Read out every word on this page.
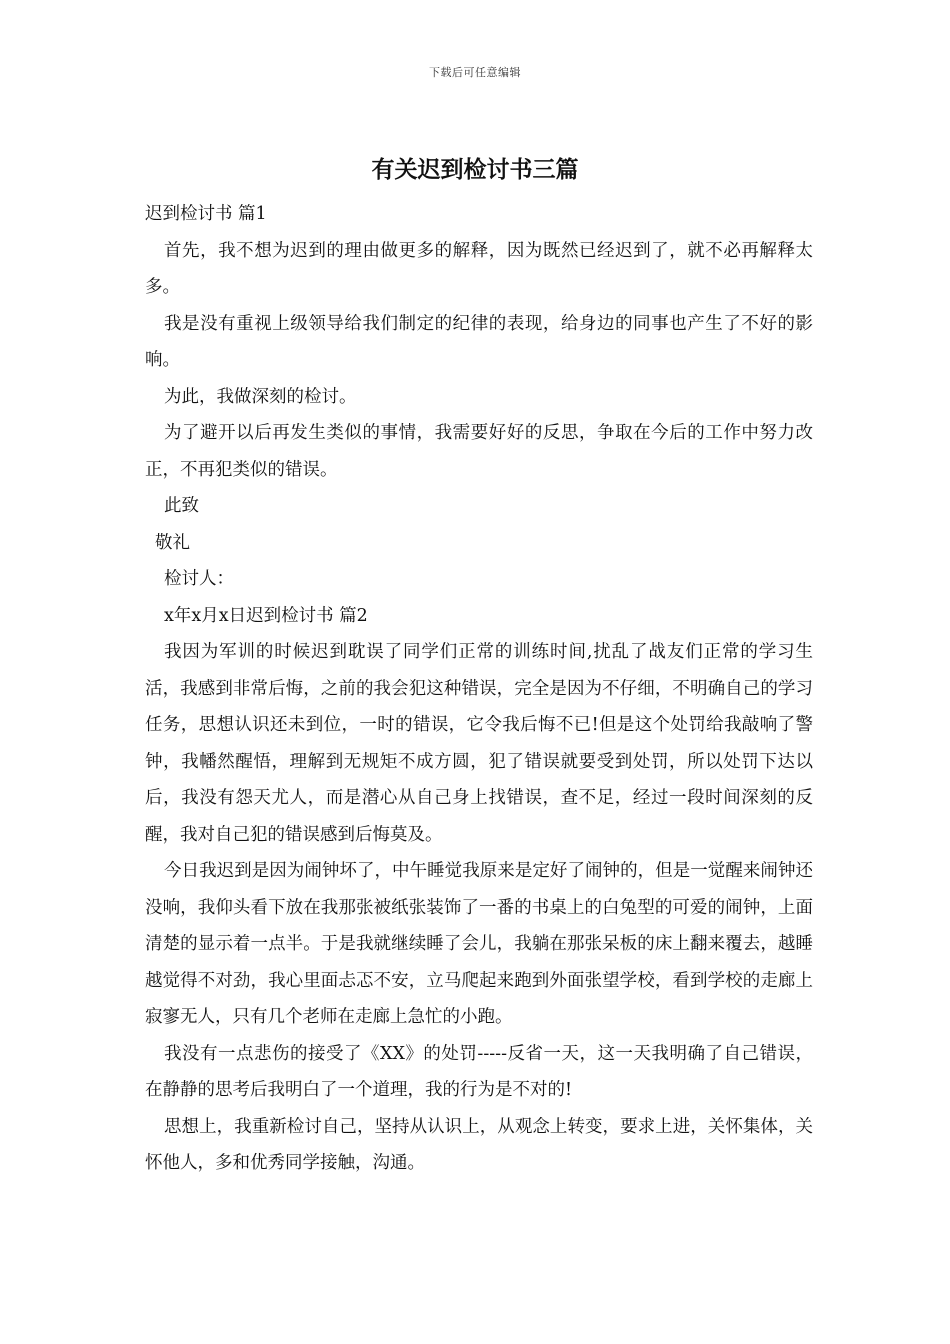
下载后可任意编辑
有关迟到检讨书三篇

迟到检讨书 篇1

首先，我不想为迟到的理由做更多的解释，因为既然已经迟到了，就不必再解释太多。

我是没有重视上级领导给我们制定的纪律的表现，给身边的同事也产生了不好的影响。

为此，我做深刻的检讨。

为了避开以后再发生类似的事情，我需要好好的反思，争取在今后的工作中努力改正，不再犯类似的错误。

此致

敬礼

检讨人：

x年x月x日迟到检讨书 篇2

我因为军训的时候迟到耽误了同学们正常的训练时间,扰乱了战友们正常的学习生活，我感到非常后悔，之前的我会犯这种错误，完全是因为不仔细，不明确自己的学习任务，思想认识还未到位，一时的错误，它令我后悔不已!但是这个处罚给我敲响了警钟，我幡然醒悟，理解到无规矩不成方圆，犯了错误就要受到处罚，所以处罚下达以后，我没有怨天尤人，而是潜心从自己身上找错误，查不足，经过一段时间深刻的反醒，我对自己犯的错误感到后悔莫及。

今日我迟到是因为闹钟坏了，中午睡觉我原来是定好了闹钟的，但是一觉醒来闹钟还没响，我仰头看下放在我那张被纸张装饰了一番的书桌上的白兔型的可爱的闹钟，上面清楚的显示着一点半。于是我就继续睡了会儿，我躺在那张呆板的床上翻来覆去，越睡越觉得不对劲，我心里面忐忑不安，立马爬起来跑到外面张望学校，看到学校的走廊上寂寥无人，只有几个老师在走廊上急忙的小跑。

我没有一点悲伤的接受了《XX》的处罚-----反省一天，这一天我明确了自己错误，在静静的思考后我明白了一个道理，我的行为是不对的!

思想上，我重新检讨自己，坚持从认识上，从观念上转变，要求上进，关怀集体，关怀他人，多和优秀同学接触，沟通。
